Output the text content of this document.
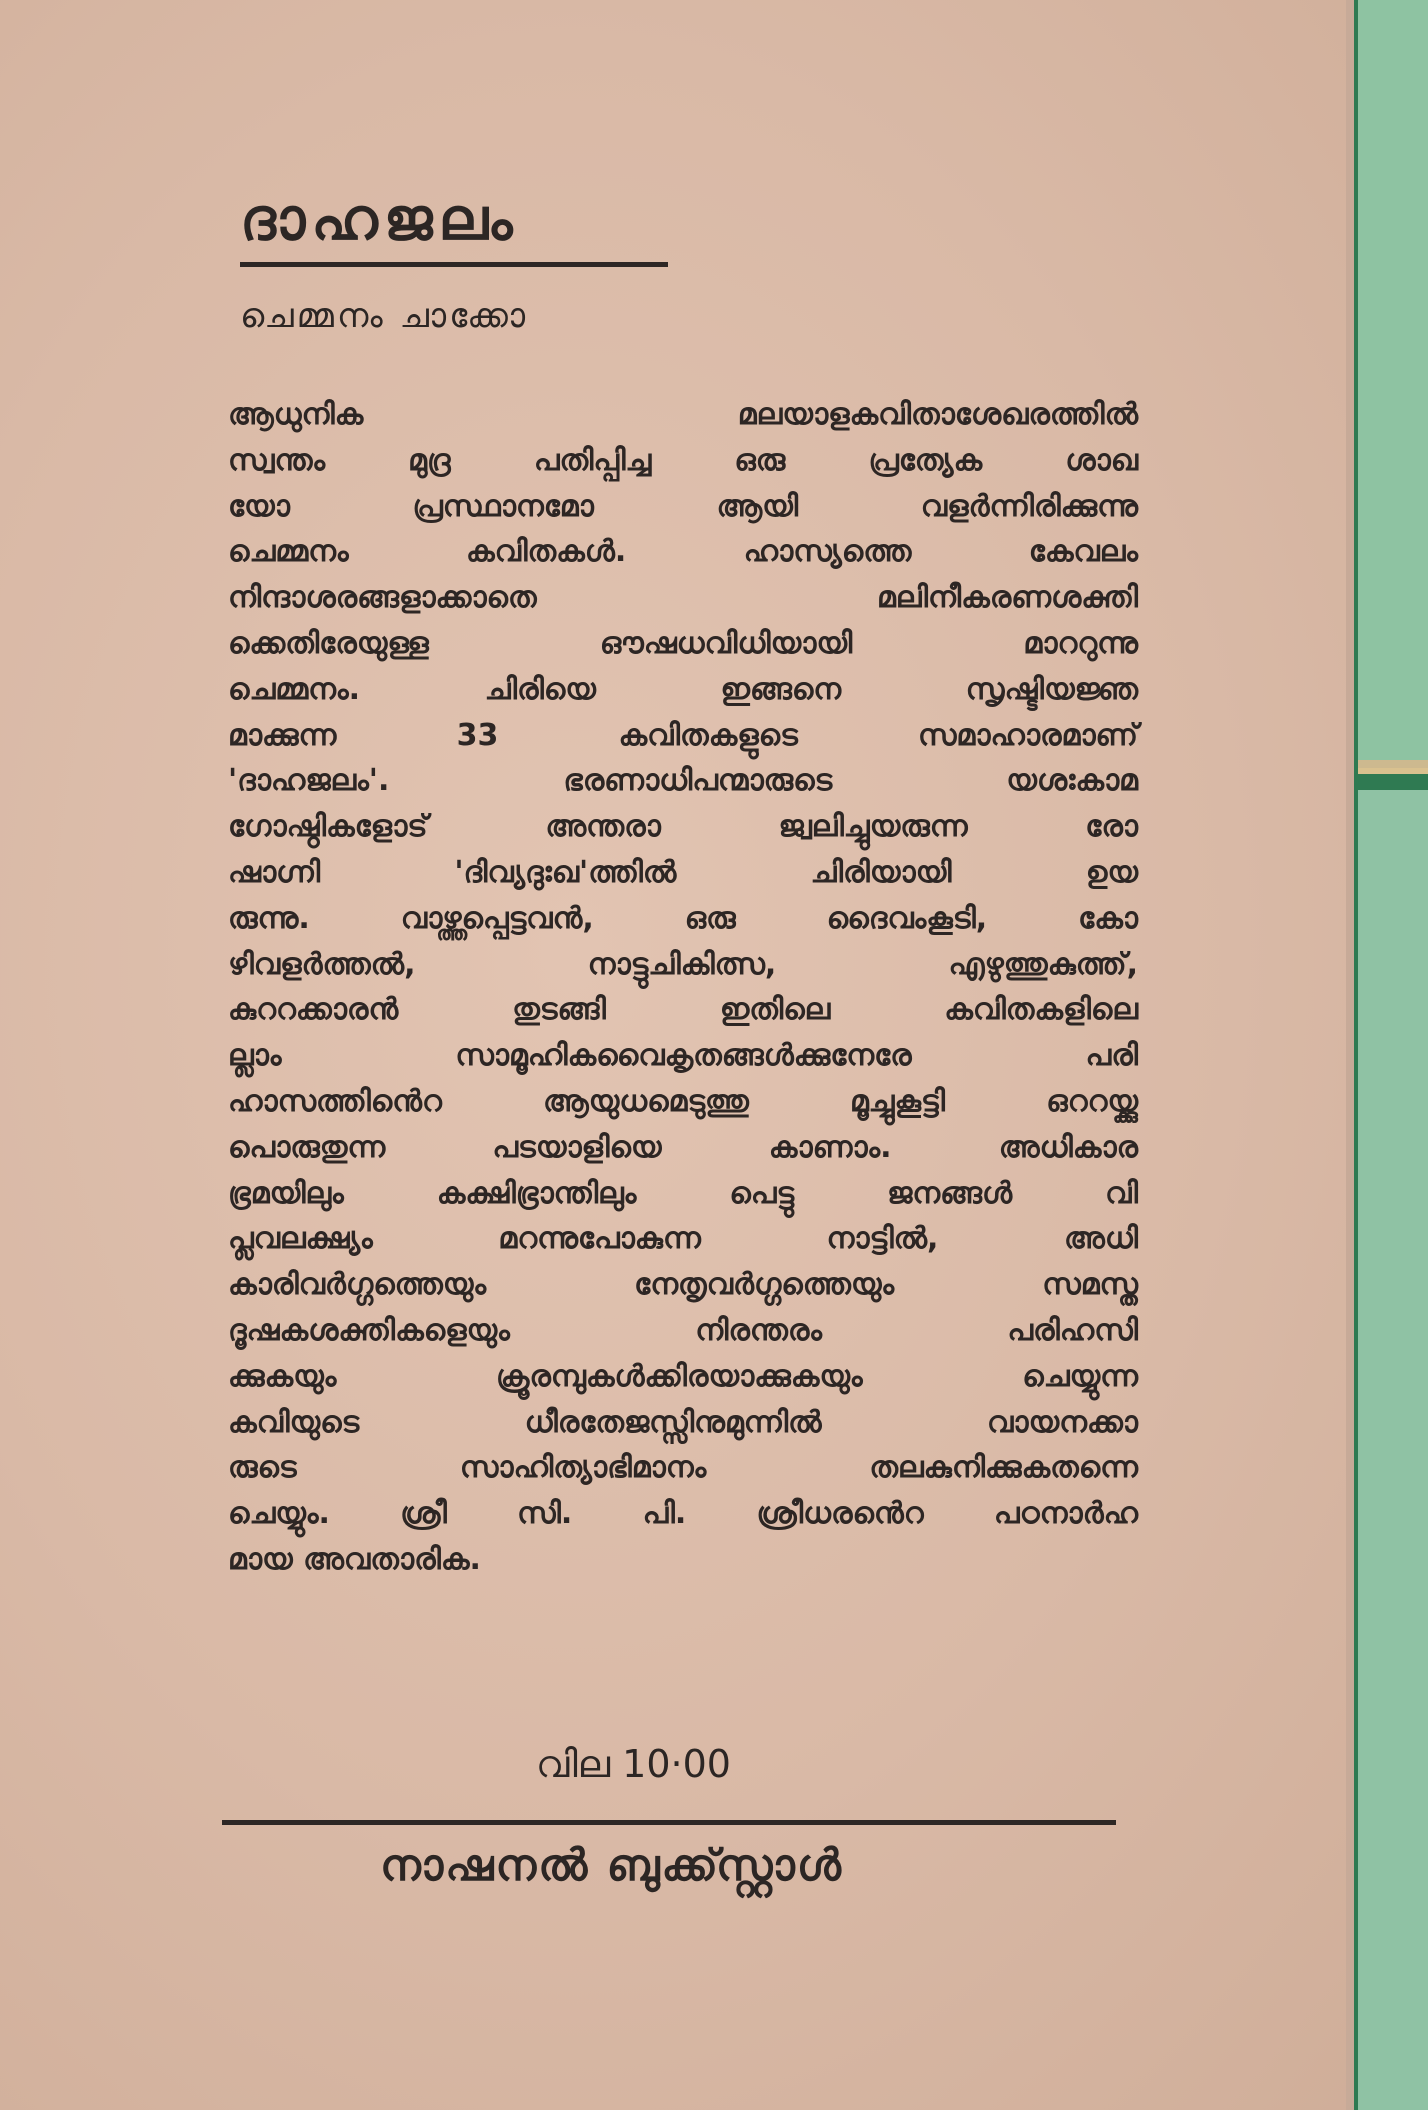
ദാഹജലം
ചെമ്മനം ചാക്കോ
ആധുനിക മലയാളകവിതാശേഖരത്തിൽ
സ്വന്തം മുദ്ര പതിപ്പിച്ച ഒരു പ്രത്യേക ശാഖ
യോ പ്രസ്ഥാനമോ ആയി വളർന്നിരിക്കുന്നു
ചെമ്മനം കവിതകൾ. ഹാസ്യത്തെ കേവലം
നിന്ദാശരങ്ങളാക്കാതെ മലിനീകരണശക്തി
ക്കെതിരേയുള്ള ഔഷധവിധിയായി മാററുന്നു
ചെമ്മനം. ചിരിയെ ഇങ്ങനെ സൃഷ്ടിയജ്ഞ
മാക്കുന്ന 33 കവിതകളുടെ സമാഹാരമാണ്
'ദാഹജലം'. ഭരണാധിപന്മാരുടെ യശഃകാമ
ഗോഷ്ഠികളോട് അന്തരാ ജ്വലിച്ചുയരുന്ന രോ
ഷാഗ്നി 'ദിവ്യദുഃഖ'ത്തിൽ ചിരിയായി ഉയ
രുന്നു. വാഴ്ത്തപ്പെട്ടവൻ, ഒരു ദൈവംകൂടി, കോ
ഴിവളർത്തൽ, നാട്ടുചികിത്സ, എഴുത്തുകുത്ത്,
കുററക്കാരൻ തുടങ്ങി ഇതിലെ കവിതകളിലെ
ല്ലാം സാമൂഹികവൈകൃതങ്ങൾക്കുനേരേ പരി
ഹാസത്തിൻെറ ആയുധമെടുത്തു മൂച്ചുകൂട്ടി ഒററയ്ക്കു
പൊരുതുന്ന പടയാളിയെ കാണാം. അധികാര
ഭ്രമയിലും കക്ഷിഭ്രാന്തിലും പെട്ടു ജനങ്ങൾ വി
പ്ലവലക്ഷ്യം മറന്നുപോകുന്ന നാട്ടിൽ, അധി
കാരിവർഗ്ഗത്തെയും നേതൃവർഗ്ഗത്തെയും സമസ്ത
ദൂഷകശക്തികളെയും നിരന്തരം പരിഹസി
ക്കുകയും ക്രൂരമ്പുകൾക്കിരയാക്കുകയും ചെയ്യുന്ന
കവിയുടെ ധീരതേജസ്സിനുമുന്നിൽ വായനക്കാ
രുടെ സാഹിത്യാഭിമാനം തലകുനിക്കുകതന്നെ
ചെയ്യും. ശ്രീ സി. പി. ശ്രീധരൻെറ പഠനാർഹ
മായ അവതാരിക.
വില 10·00
നാഷനൽ ബുക്ക്സ്റ്റാൾ
